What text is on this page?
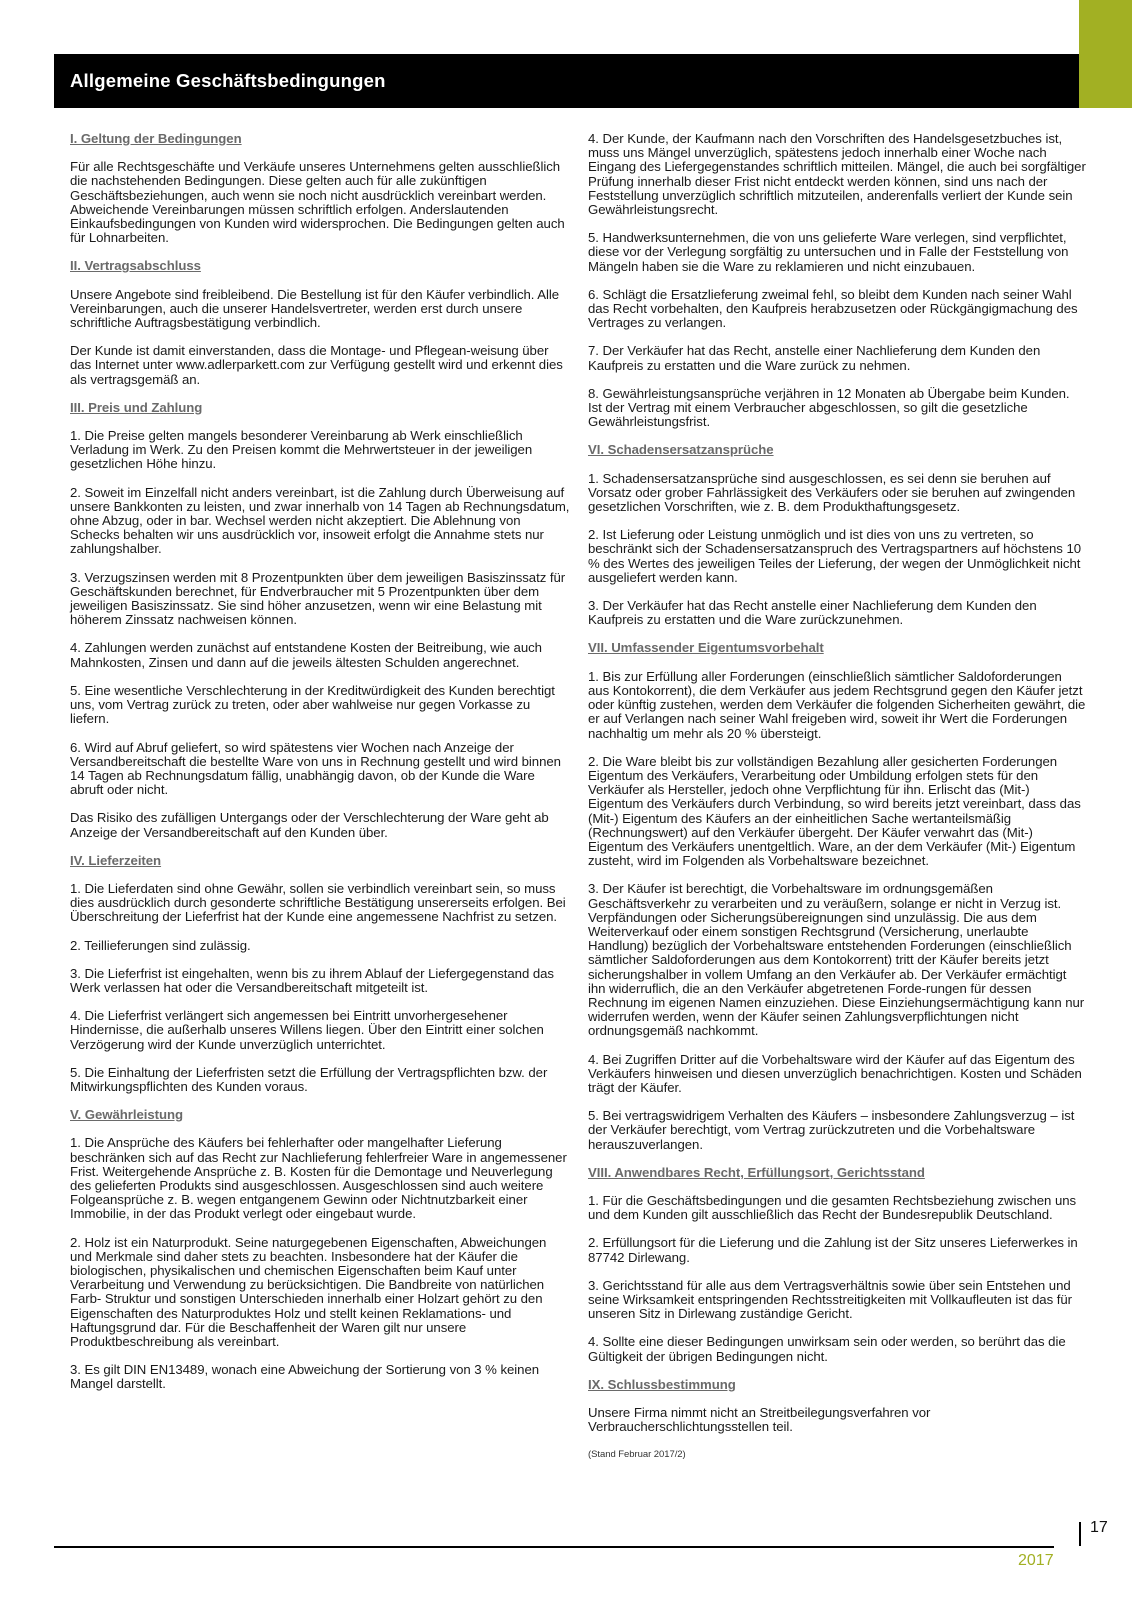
Allgemeine Geschäftsbedingungen
I. Geltung der Bedingungen

Für alle Rechtsgeschäfte und Verkäufe unseres Unternehmens gelten ausschließlich die nachstehenden Bedingungen. Diese gelten auch für alle zukünftigen Geschäftsbeziehungen, auch wenn sie noch nicht ausdrücklich vereinbart werden. Abweichende Vereinbarungen müssen schriftlich erfolgen. Anderslautenden Einkaufsbedingungen von Kunden wird widersprochen. Die Bedingungen gelten auch für Lohnarbeiten.

II. Vertragsabschluss

Unsere Angebote sind freibleibend. Die Bestellung ist für den Käufer verbindlich. Alle Vereinbarungen, auch die unserer Handelsvertreter, werden erst durch unsere schriftliche Auftragsbestätigung verbindlich.

Der Kunde ist damit einverstanden, dass die Montage- und Pflegean-weisung über das Internet unter www.adlerparkett.com zur Verfügung gestellt wird und erkennt dies als vertragsgemäß an.

III. Preis und Zahlung

1. Die Preise gelten mangels besonderer Vereinbarung ab Werk einschließlich Verladung im Werk. Zu den Preisen kommt die Mehrwertsteuer in der jeweiligen gesetzlichen Höhe hinzu.

2. Soweit im Einzelfall nicht anders vereinbart, ist die Zahlung durch Überweisung auf unsere Bankkonten zu leisten, und zwar innerhalb von 14 Tagen ab Rechnungsdatum, ohne Abzug, oder in bar. Wechsel werden nicht akzeptiert. Die Ablehnung von Schecks behalten wir uns ausdrücklich vor, insoweit erfolgt die Annahme stets nur zahlungshalber.

3. Verzugszinsen werden mit 8 Prozentpunkten über dem jeweiligen Basiszinssatz für Geschäftskunden berechnet, für Endverbraucher mit 5 Prozentpunkten über dem jeweiligen Basiszinssatz. Sie sind höher anzusetzen, wenn wir eine Belastung mit höherem Zinssatz nachweisen können.

4. Zahlungen werden zunächst auf entstandene Kosten der Beitreibung, wie auch Mahnkosten, Zinsen und dann auf die jeweils ältesten Schulden angerechnet.

5. Eine wesentliche Verschlechterung in der Kreditwürdigkeit des Kunden berechtigt uns, vom Vertrag zurück zu treten, oder aber wahlweise nur gegen Vorkasse zu liefern.

6. Wird auf Abruf geliefert, so wird spätestens vier Wochen nach Anzeige der Versandbereitschaft die bestellte Ware von uns in Rechnung gestellt und wird binnen 14 Tagen ab Rechnungsdatum fällig, unabhängig davon, ob der Kunde die Ware abruft oder nicht.

Das Risiko des zufälligen Untergangs oder der Verschlechterung der Ware geht ab Anzeige der Versandbereitschaft auf den Kunden über.

IV. Lieferzeiten

1. Die Lieferdaten sind ohne Gewähr, sollen sie verbindlich vereinbart sein, so muss dies ausdrücklich durch gesonderte schriftliche Bestätigung unsererseits erfolgen. Bei Überschreitung der Lieferfrist hat der Kunde eine angemessene Nachfrist zu setzen.

2. Teillieferungen sind zulässig.

3. Die Lieferfrist ist eingehalten, wenn bis zu ihrem Ablauf der Liefergegenstand das Werk verlassen hat oder die Versandbereitschaft mitgeteilt ist.

4. Die Lieferfrist verlängert sich angemessen bei Eintritt unvorhergesehener Hindernisse, die außerhalb unseres Willens liegen. Über den Eintritt einer solchen Verzögerung wird der Kunde unverzüglich unterrichtet.

5. Die Einhaltung der Lieferfristen setzt die Erfüllung der Vertragspflichten bzw. der Mitwirkungspflichten des Kunden voraus.

V. Gewährleistung

1. Die Ansprüche des Käufers bei fehlerhafter oder mangelhafter Lieferung beschränken sich auf das Recht zur Nachlieferung fehlerfreier Ware in angemessener Frist. Weitergehende Ansprüche z. B. Kosten für die Demontage und Neuverlegung des gelieferten Produkts sind ausgeschlossen. Ausgeschlossen sind auch weitere Folgeansprüche z. B. wegen entgangenem Gewinn oder Nichtnutzbarkeit einer Immobilie, in der das Produkt verlegt oder eingebaut wurde.

2. Holz ist ein Naturprodukt. Seine naturgegebenen Eigenschaften, Abweichungen und Merkmale sind daher stets zu beachten. Insbesondere hat der Käufer die biologischen, physikalischen und chemischen Eigenschaften beim Kauf unter Verarbeitung und Verwendung zu berücksichtigen. Die Bandbreite von natürlichen Farb- Struktur und sonstigen Unterschieden innerhalb einer Holzart gehört zu den Eigenschaften des Naturproduktes Holz und stellt keinen Reklamations- und Haftungsgrund dar. Für die Beschaffenheit der Waren gilt nur unsere Produktbeschreibung als vereinbart.

3. Es gilt DIN EN13489, wonach eine Abweichung der Sortierung von 3 % keinen Mangel darstellt.

4. Der Kunde, der Kaufmann nach den Vorschriften des Handelsgesetzbuches ist, muss uns Mängel unverzüglich, spätestens jedoch innerhalb einer Woche nach Eingang des Liefergegenstandes schriftlich mitteilen. Mängel, die auch bei sorgfältiger Prüfung innerhalb dieser Frist nicht entdeckt werden können, sind uns nach der Feststellung unverzüglich schriftlich mitzuteilen, anderenfalls verliert der Kunde sein Gewährleistungsrecht.

5. Handwerksunternehmen, die von uns gelieferte Ware verlegen, sind verpflichtet, diese vor der Verlegung sorgfältig zu untersuchen und in Falle der Feststellung von Mängeln haben sie die Ware zu reklamieren und nicht einzubauen.

6. Schlägt die Ersatzlieferung zweimal fehl, so bleibt dem Kunden nach seiner Wahl das Recht vorbehalten, den Kaufpreis herabzusetzen oder Rückgängigmachung des Vertrages zu verlangen.

7. Der Verkäufer hat das Recht, anstelle einer Nachlieferung dem Kunden den Kaufpreis zu erstatten und die Ware zurück zu nehmen.

8. Gewährleistungsansprüche verjähren in 12 Monaten ab Übergabe beim Kunden. Ist der Vertrag mit einem Verbraucher abgeschlossen, so gilt die gesetzliche Gewährleistungsfrist.

VI. Schadensersatzansprüche

1. Schadensersatzansprüche sind ausgeschlossen, es sei denn sie beruhen auf Vorsatz oder grober Fahrlässigkeit des Verkäufers oder sie beruhen auf zwingenden gesetzlichen Vorschriften, wie z. B. dem Produkthaftungsgesetz.

2. Ist Lieferung oder Leistung unmöglich und ist dies von uns zu vertreten, so beschränkt sich der Schadensersatzanspruch des Vertragspartners auf höchstens 10 % des Wertes des jeweiligen Teiles der Lieferung, der wegen der Unmöglichkeit nicht ausgeliefert werden kann.

3. Der Verkäufer hat das Recht anstelle einer Nachlieferung dem Kunden den Kaufpreis zu erstatten und die Ware zurückzunehmen.

VII. Umfassender Eigentumsvorbehalt

1. Bis zur Erfüllung aller Forderungen (einschließlich sämtlicher Saldoforderungen aus Kontokorrent), die dem Verkäufer aus jedem Rechtsgrund gegen den Käufer jetzt oder künftig zustehen, werden dem Verkäufer die folgenden Sicherheiten gewährt, die er auf Verlangen nach seiner Wahl freigeben wird, soweit ihr Wert die Forderungen nachhaltig um mehr als 20 % übersteigt.

2. Die Ware bleibt bis zur vollständigen Bezahlung aller gesicherten Forderungen Eigentum des Verkäufers, Verarbeitung oder Umbildung erfolgen stets für den Verkäufer als Hersteller, jedoch ohne Verpflichtung für ihn. Erlischt das (Mit-) Eigentum des Verkäufers durch Verbindung, so wird bereits jetzt vereinbart, dass das (Mit-) Eigentum des Käufers an der einheitlichen Sache wertanteilsmäßig (Rechnungswert) auf den Verkäufer übergeht. Der Käufer verwahrt das (Mit-) Eigentum des Verkäufers unentgeltlich. Ware, an der dem Verkäufer (Mit-) Eigentum zusteht, wird im Folgenden als Vorbehaltsware bezeichnet.

3. Der Käufer ist berechtigt, die Vorbehaltsware im ordnungsgemäßen Geschäftsverkehr zu verarbeiten und zu veräußern, solange er nicht in Verzug ist. Verpfändungen oder Sicherungsübereignungen sind unzulässig. Die aus dem Weiterverkauf oder einem sonstigen Rechtsgrund (Versicherung, unerlaubte Handlung) bezüglich der Vorbehaltsware entstehenden Forderungen (einschließlich sämtlicher Saldoforderungen aus dem Kontokorrent) tritt der Käufer bereits jetzt sicherungshalber in vollem Umfang an den Verkäufer ab. Der Verkäufer ermächtigt ihn widerruflich, die an den Verkäufer abgetretenen Forde-rungen für dessen Rechnung im eigenen Namen einzuziehen. Diese Einziehungsermächtigung kann nur widerrufen werden, wenn der Käufer seinen Zahlungsverpflichtungen nicht ordnungsgemäß nachkommt.

4. Bei Zugriffen Dritter auf die Vorbehaltsware wird der Käufer auf das Eigentum des Verkäufers hinweisen und diesen unverzüglich benachrichtigen. Kosten und Schäden trägt der Käufer.

5. Bei vertragswidrigem Verhalten des Käufers – insbesondere Zahlungsverzug – ist der Verkäufer berechtigt, vom Vertrag zurückzutreten und die Vorbehaltsware herauszuverlangen.

VIII. Anwendbares Recht, Erfüllungsort, Gerichtsstand

1. Für die Geschäftsbedingungen und die gesamten Rechtsbeziehung zwischen uns und dem Kunden gilt ausschließlich das Recht der Bundesrepublik Deutschland.

2. Erfüllungsort für die Lieferung und die Zahlung ist der Sitz unseres Lieferwerkes in 87742 Dirlewang.

3. Gerichtsstand für alle aus dem Vertragsverhältnis sowie über sein Entstehen und seine Wirksamkeit entspringenden Rechtsstreitigkeiten mit Vollkaufleuten ist das für unseren Sitz in Dirlewang zuständige Gericht.

4. Sollte eine dieser Bedingungen unwirksam sein oder werden, so berührt das die Gültigkeit der übrigen Bedingungen nicht.

IX. Schlussbestimmung

Unsere Firma nimmt nicht an Streitbeilegungsverfahren vor Verbraucherschlichtungsstellen teil.

(Stand Februar 2017/2)
17
2017
